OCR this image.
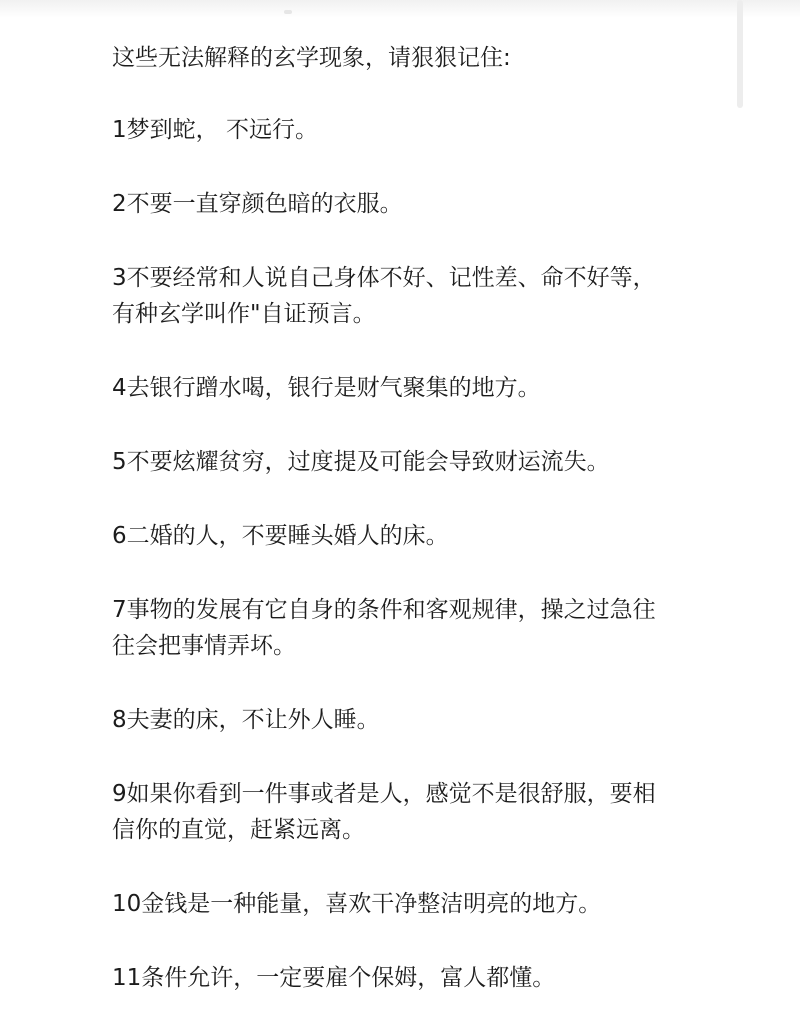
这些无法解释的玄学现象，请狠狠记住:
1梦到蛇， 不远行。
2不要一直穿颜色暗的衣服。
3不要经常和人说自己身体不好、记性差、命不好等，
有种玄学叫作"自证预言。
4去银行蹭水喝，银行是财气聚集的地方。
5不要炫耀贫穷，过度提及可能会导致财运流失。
6二婚的人，不要睡头婚人的床。
7事物的发展有它自身的条件和客观规律，操之过急往
往会把事情弄坏。
8夫妻的床，不让外人睡。
9如果你看到一件事或者是人，感觉不是很舒服，要相
信你的直觉，赶紧远离。
10金钱是一种能量，喜欢干净整洁明亮的地方。
11条件允许，一定要雇个保姆，富人都懂。
